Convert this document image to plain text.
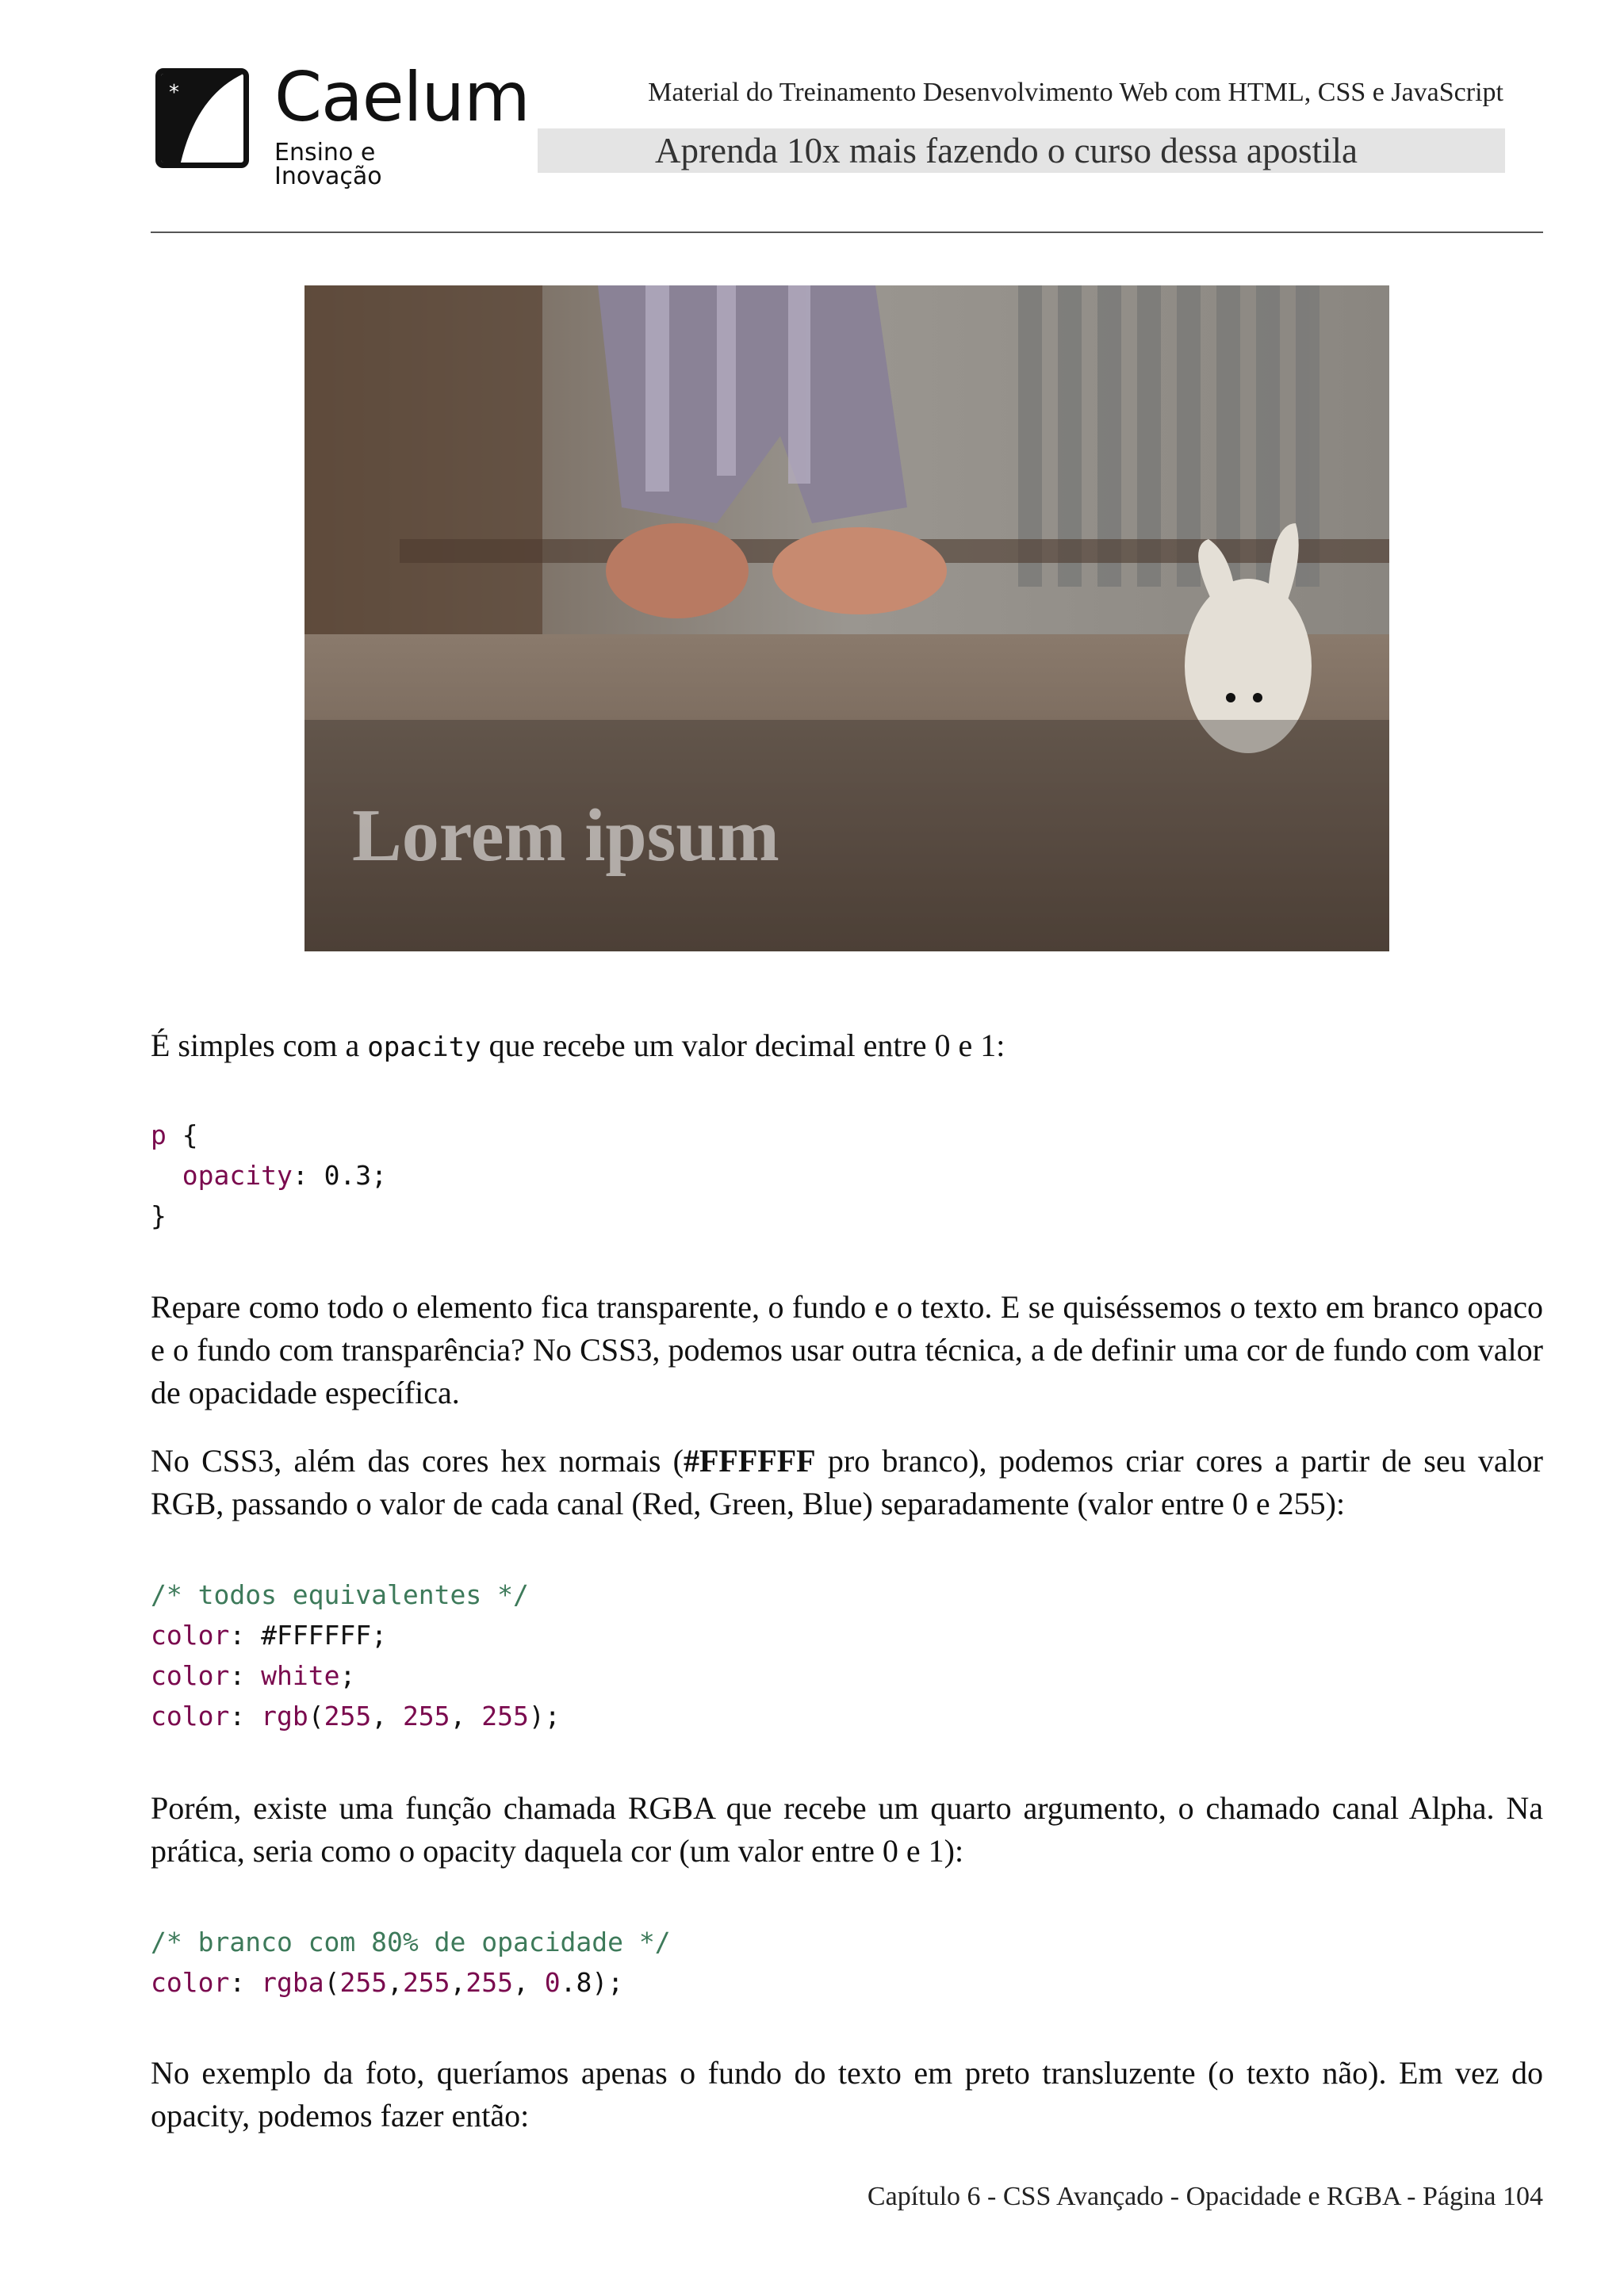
* Caelum
Ensino e Inovação
Material do Treinamento Desenvolvimento Web com HTML, CSS e JavaScript
Aprenda 10x mais fazendo o curso dessa apostila
Lorem ipsum
É simples com a opacity que recebe um valor decimal entre 0 e 1:
p {
opacity: 0.3;
}
Repare como todo o elemento fica transparente, o fundo e o texto. E se quiséssemos o texto em branco opaco e o fundo com transparência? No CSS3, podemos usar outra técnica, a de definir uma cor de fundo com valor de opacidade específica.
No CSS3, além das cores hex normais (#FFFFFF pro branco), podemos criar cores a partir de seu valor RGB, passando o valor de cada canal (Red, Green, Blue) separadamente (valor entre 0 e 255):
/* todos equivalentes */
color: #FFFFFF;
color: white;
color: rgb(255, 255, 255);
Porém, existe uma função chamada RGBA que recebe um quarto argumento, o chamado canal Alpha. Na prática, seria como o opacity daquela cor (um valor entre 0 e 1):
/* branco com 80% de opacidade */
color: rgba(255,255,255, 0.8);
No exemplo da foto, queríamos apenas o fundo do texto em preto transluzente (o texto não). Em vez do opacity, podemos fazer então:
Capítulo 6 - CSS Avançado - Opacidade e RGBA - Página 104
